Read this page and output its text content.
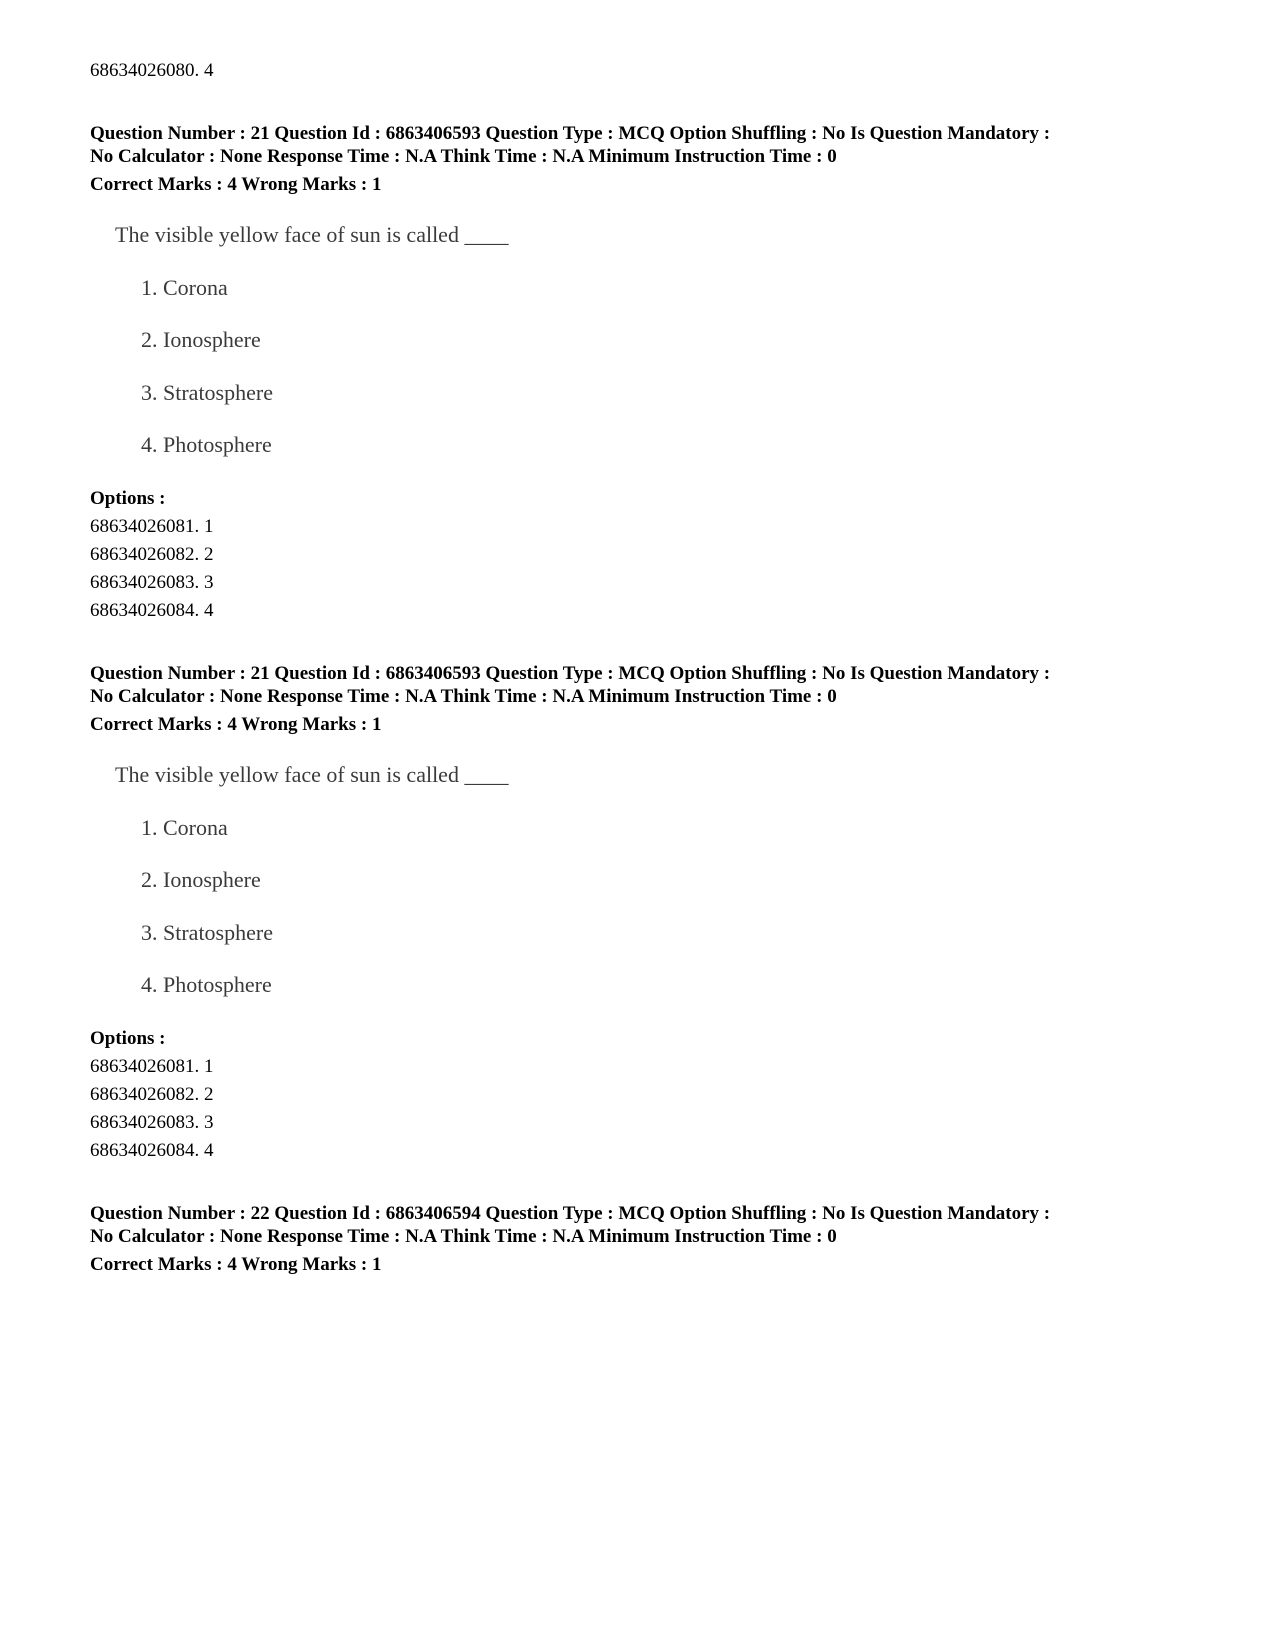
68634026080. 4
Question Number : 21 Question Id : 6863406593 Question Type : MCQ Option Shuffling : No Is Question Mandatory :
No Calculator : None Response Time : N.A Think Time : N.A Minimum Instruction Time : 0
Correct Marks : 4 Wrong Marks : 1
The visible yellow face of sun is called ____
1. Corona
2. Ionosphere
3. Stratosphere
4. Photosphere
Options :
68634026081. 1
68634026082. 2
68634026083. 3
68634026084. 4
Question Number : 21 Question Id : 6863406593 Question Type : MCQ Option Shuffling : No Is Question Mandatory :
No Calculator : None Response Time : N.A Think Time : N.A Minimum Instruction Time : 0
Correct Marks : 4 Wrong Marks : 1
The visible yellow face of sun is called ____
1. Corona
2. Ionosphere
3. Stratosphere
4. Photosphere
Options :
68634026081. 1
68634026082. 2
68634026083. 3
68634026084. 4
Question Number : 22 Question Id : 6863406594 Question Type : MCQ Option Shuffling : No Is Question Mandatory :
No Calculator : None Response Time : N.A Think Time : N.A Minimum Instruction Time : 0
Correct Marks : 4 Wrong Marks : 1
